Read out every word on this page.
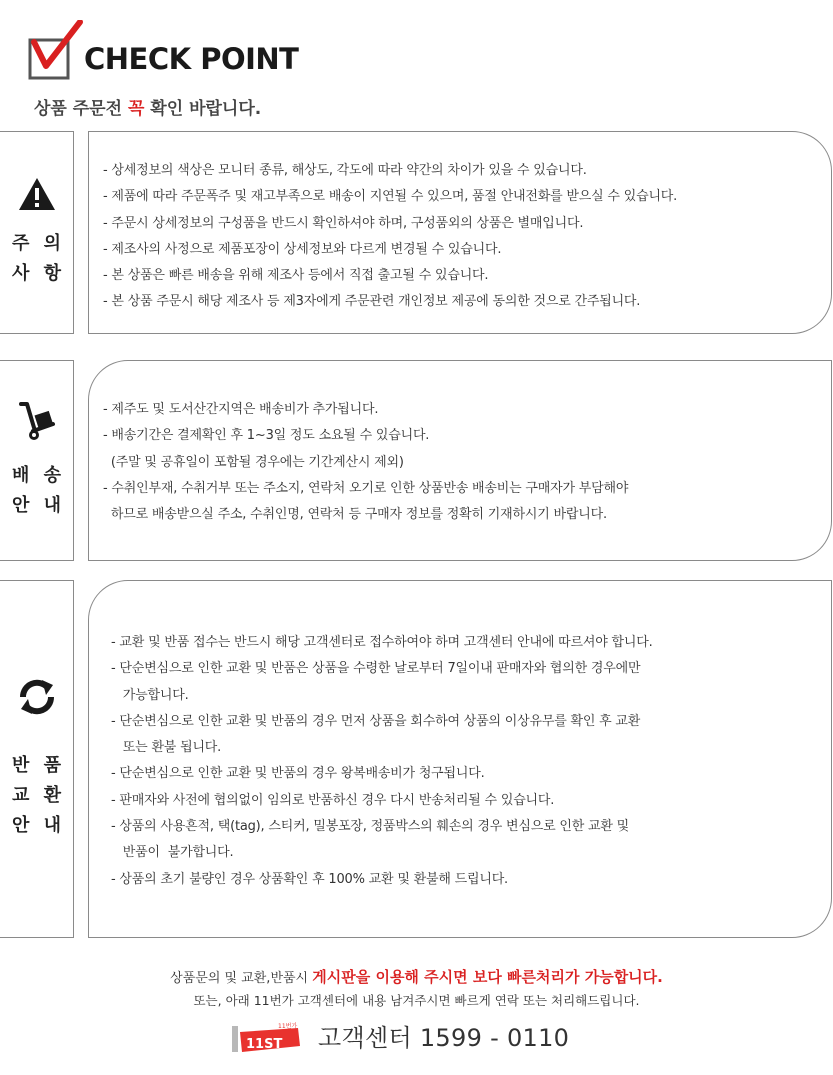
CHECK POINT
상품 주문전 꼭 확인 바랍니다.
주 의
사 항
- 상세정보의 색상은 모니터 종류, 해상도, 각도에 따라 약간의 차이가 있을 수 있습니다.
- 제품에 따라 주문폭주 및 재고부족으로 배송이 지연될 수 있으며, 품절 안내전화를 받으실 수 있습니다.
- 주문시 상세정보의 구성품을 반드시 확인하셔야 하며, 구성품외의 상품은 별매입니다.
- 제조사의 사정으로 제품포장이 상세정보와 다르게 변경될 수 있습니다.
- 본 상품은 빠른 배송을 위해 제조사 등에서 직접 출고될 수 있습니다.
- 본 상품 주문시 해당 제조사 등 제3자에게 주문관련 개인정보 제공에 동의한 것으로 간주됩니다.
배 송
안 내
- 제주도 및 도서산간지역은 배송비가 추가됩니다.
- 배송기간은 결제확인 후 1~3일 정도 소요될 수 있습니다.
(주말 및 공휴일이 포함될 경우에는 기간계산시 제외)
- 수취인부재, 수취거부 또는 주소지, 연락처 오기로 인한 상품반송 배송비는 구매자가 부담해야
하므로 배송받으실 주소, 수취인명, 연락처 등 구매자 정보를 정확히 기재하시기 바랍니다.
반 품
교 환
안 내
- 교환 및 반품 접수는 반드시 해당 고객센터로 접수하여야 하며 고객센터 안내에 따르셔야 합니다.
- 단순변심으로 인한 교환 및 반품은 상품을 수령한 날로부터 7일이내 판매자와 협의한 경우에만
가능합니다.
- 단순변심으로 인한 교환 및 반품의 경우 먼저 상품을 회수하여 상품의 이상유무를 확인 후 교환
또는 환불 됩니다.
- 단순변심으로 인한 교환 및 반품의 경우 왕복배송비가 청구됩니다.
- 판매자와 사전에 협의없이 임의로 반품하신 경우 다시 반송처리될 수 있습니다.
- 상품의 사용흔적, 택(tag), 스티커, 밀봉포장, 정품박스의 훼손의 경우 변심으로 인한 교환 및
반품이  불가합니다.
- 상품의 초기 불량인 경우 상품확인 후 100% 교환 및 환불해 드립니다.
상품문의 및 교환,반품시 게시판을 이용해 주시면 보다 빠른처리가 가능합니다.
또는, 아래 11번가 고객센터에 내용 남겨주시면 빠르게 연락 또는 처리해드립니다.
11ST
11번가 고객센터 1599 - 0110
